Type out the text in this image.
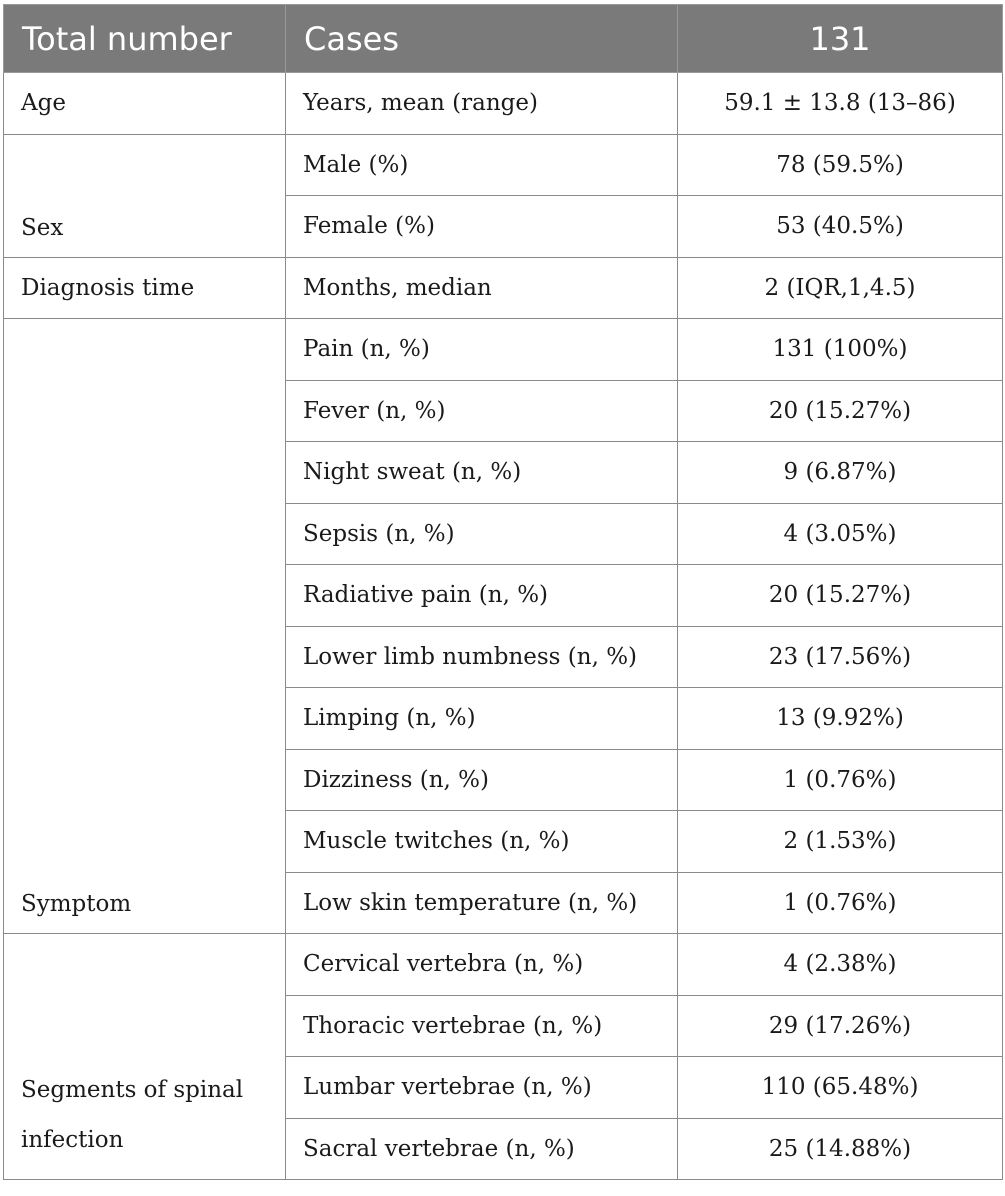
Total number	Cases	131
Age	Years, mean (range)	59.1 ± 13.8 (13–86)
Sex	Male (%)	78 (59.5%)
	Female (%)	53 (40.5%)
Diagnosis time	Months, median	2 (IQR,1,4.5)
Symptom	Pain (n, %)	131 (100%)
	Fever (n, %)	20 (15.27%)
	Night sweat (n, %)	9 (6.87%)
	Sepsis (n, %)	4 (3.05%)
	Radiative pain (n, %)	20 (15.27%)
	Lower limb numbness (n, %)	23 (17.56%)
	Limping (n, %)	13 (9.92%)
	Dizziness (n, %)	1 (0.76%)
	Muscle twitches (n, %)	2 (1.53%)
	Low skin temperature (n, %)	1 (0.76%)
Segments of spinal infection	Cervical vertebra (n, %)	4 (2.38%)
	Thoracic vertebrae (n, %)	29 (17.26%)
	Lumbar vertebrae (n, %)	110 (65.48%)
	Sacral vertebrae (n, %)	25 (14.88%)
